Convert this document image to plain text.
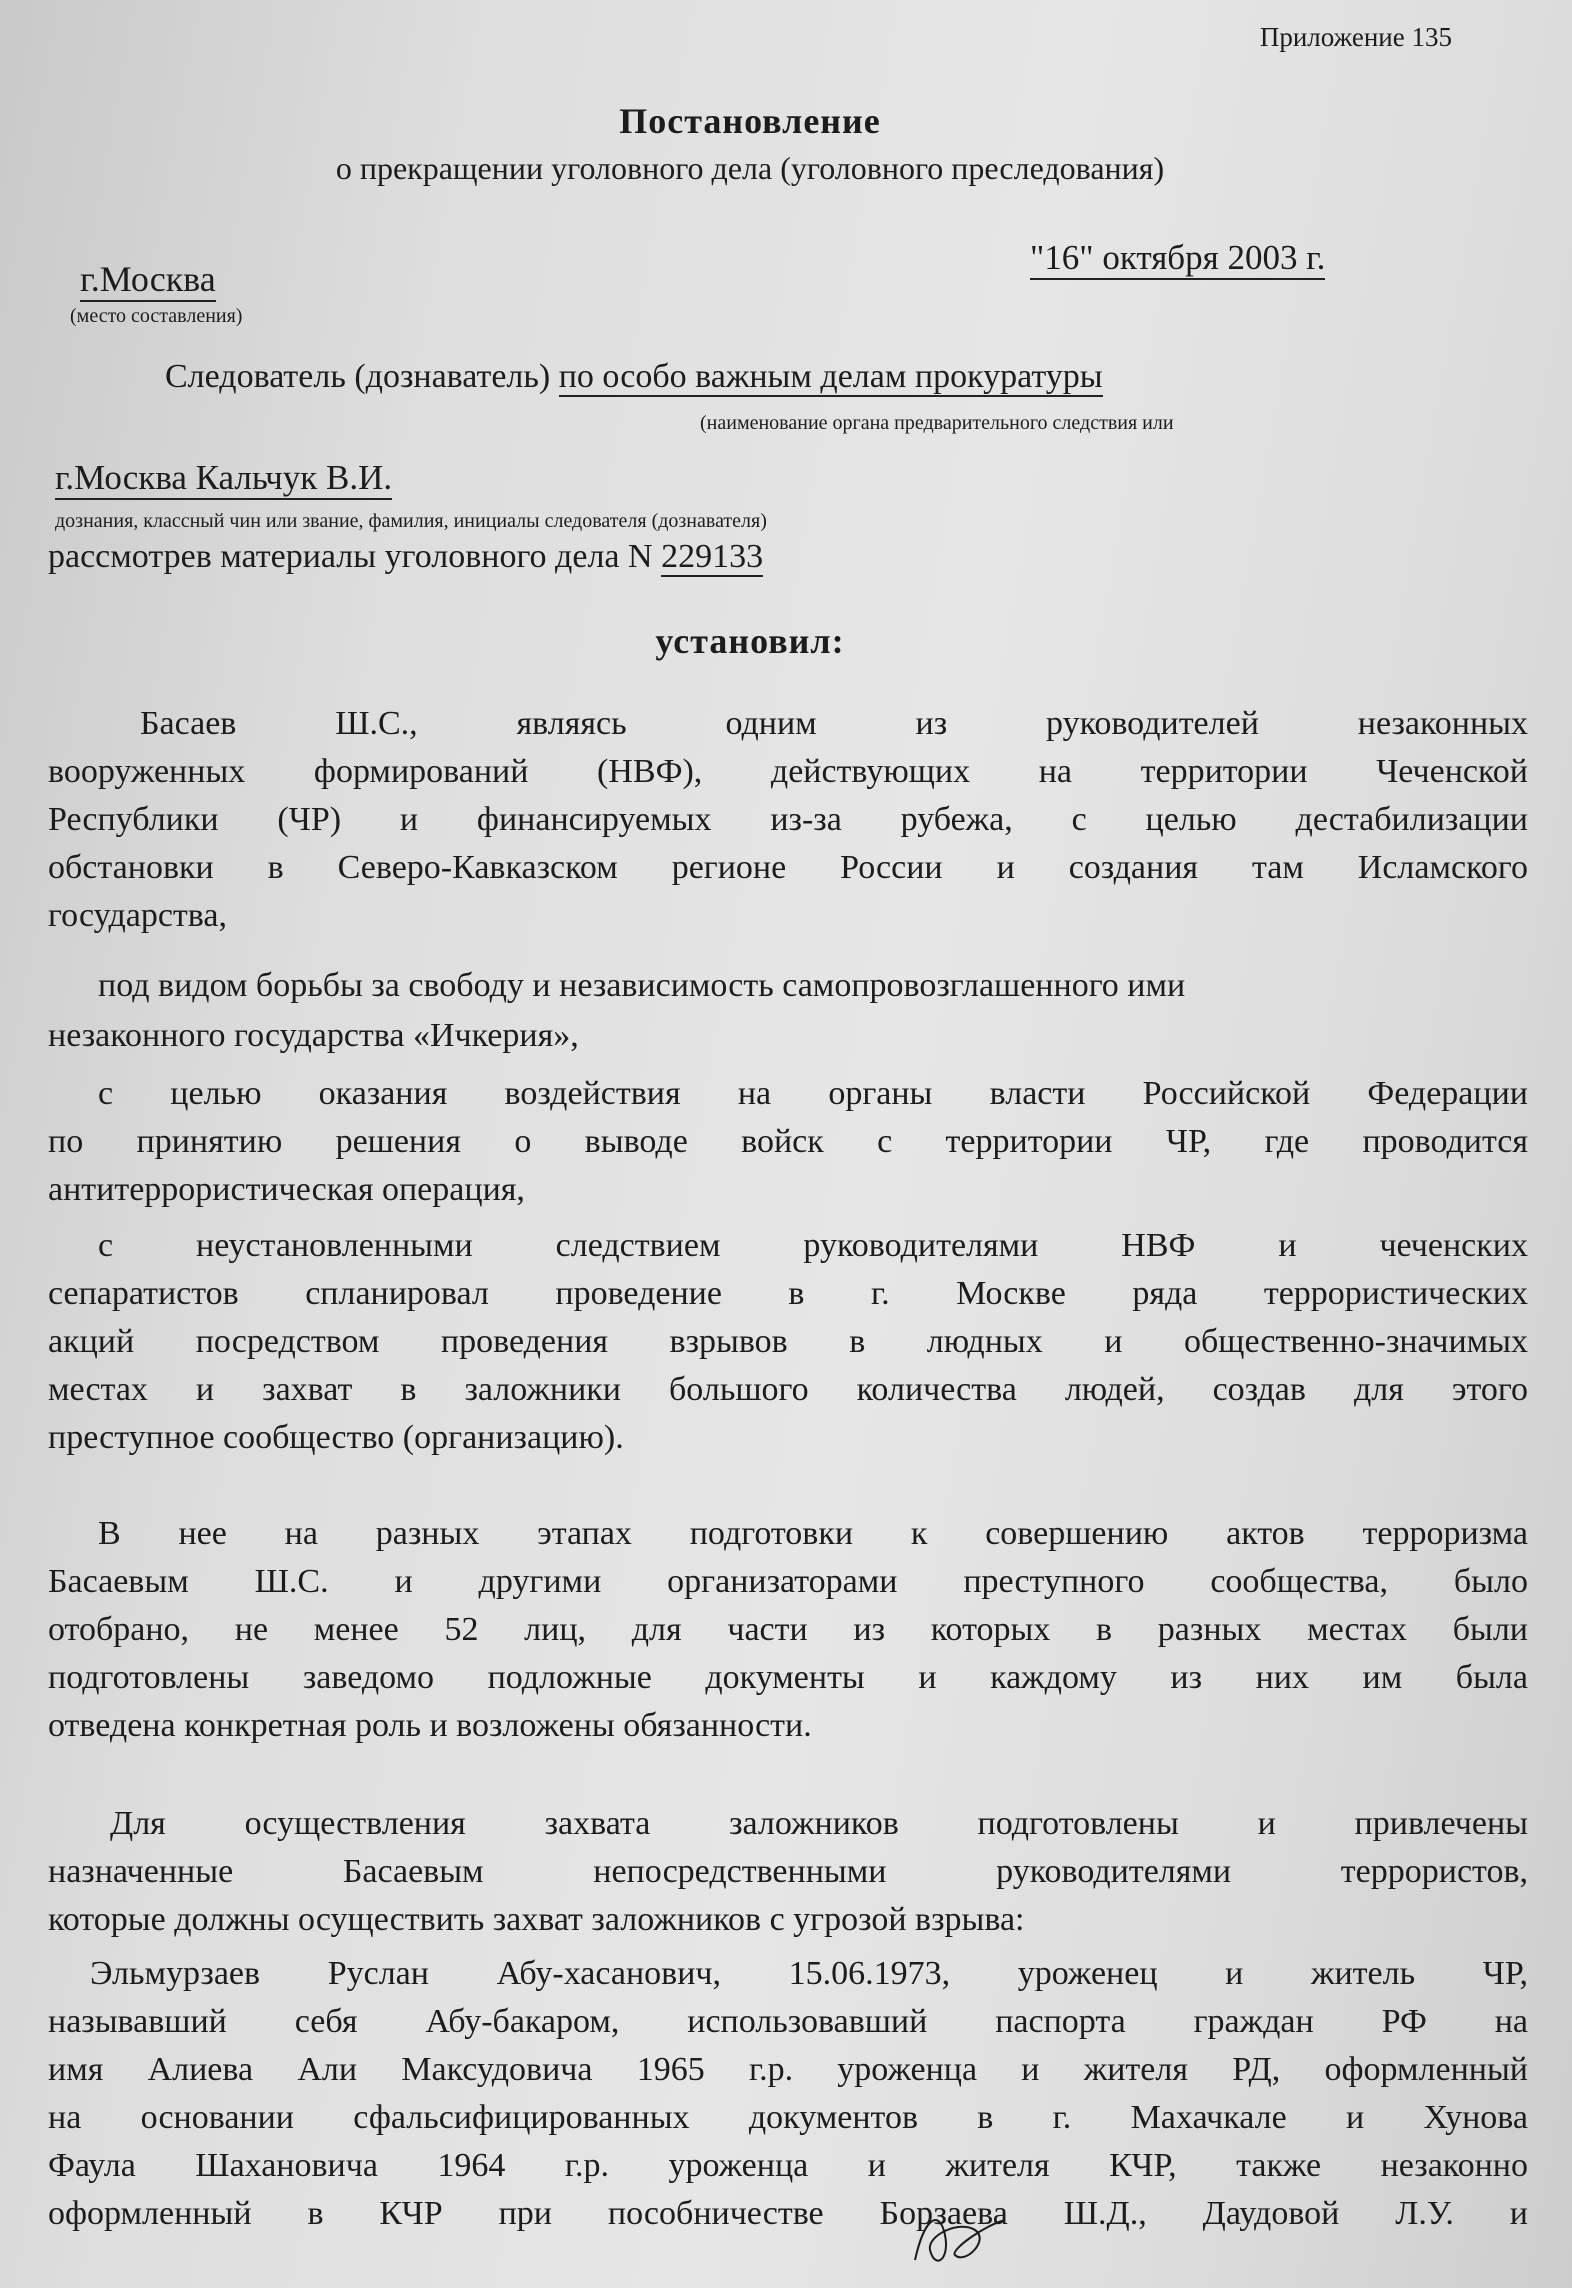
Приложение 135
Постановление
о прекращении уголовного дела (уголовного преследования)
г.Москва
(место составления)
"16" октября 2003 г.
Следователь (дознаватель) по особо важным делам прокуратуры
(наименование органа предварительного следствия или
г.Москва Кальчук В.И.
дознания, классный чин или звание, фамилия, инициалы следователя (дознавателя)
рассмотрев материалы уголовного дела N 229133
установил:
Басаев Ш.С., являясь одним из руководителей незаконных
вооруженных формирований (НВФ), действующих на территории Чеченской
Республики (ЧР) и финансируемых из-за рубежа, с целью дестабилизации
обстановки в Северо-Кавказском регионе России и создания там Исламского
государства,
под видом борьбы за свободу и независимость самопровозглашенного ими
незаконного государства «Ичкерия»,
с целью оказания воздействия на органы власти Российской Федерации
по принятию решения о выводе войск с территории ЧР, где проводится
антитеррористическая операция,
с неустановленными следствием руководителями НВФ и чеченских
сепаратистов спланировал проведение в г. Москве ряда террористических
акций посредством проведения взрывов в людных и общественно-значимых
местах и захват в заложники большого количества людей, создав для этого
преступное сообщество (организацию).
В нее на разных этапах подготовки к совершению актов терроризма
Басаевым Ш.С. и другими организаторами преступного сообщества, было
отобрано, не менее 52 лиц, для части из которых в разных местах были
подготовлены заведомо подложные документы и каждому из них им была
отведена конкретная роль и возложены обязанности.
Для осуществления захвата заложников подготовлены и привлечены
назначенные Басаевым непосредственными руководителями террористов,
которые должны осуществить захват заложников с угрозой взрыва:
Эльмурзаев Руслан Абу-хасанович, 15.06.1973, уроженец и житель ЧР,
называвший себя Абу-бакаром, использовавший паспорта граждан РФ на
имя Алиева Али Максудовича 1965 г.р. уроженца и жителя РД, оформленный
на основании сфальсифицированных документов в г. Махачкале и Хунова
Фаула Шахановича 1964 г.р. уроженца и жителя КЧР, также незаконно
оформленный в КЧР при пособничестве Борзаева Ш.Д., Даудовой Л.У. и
